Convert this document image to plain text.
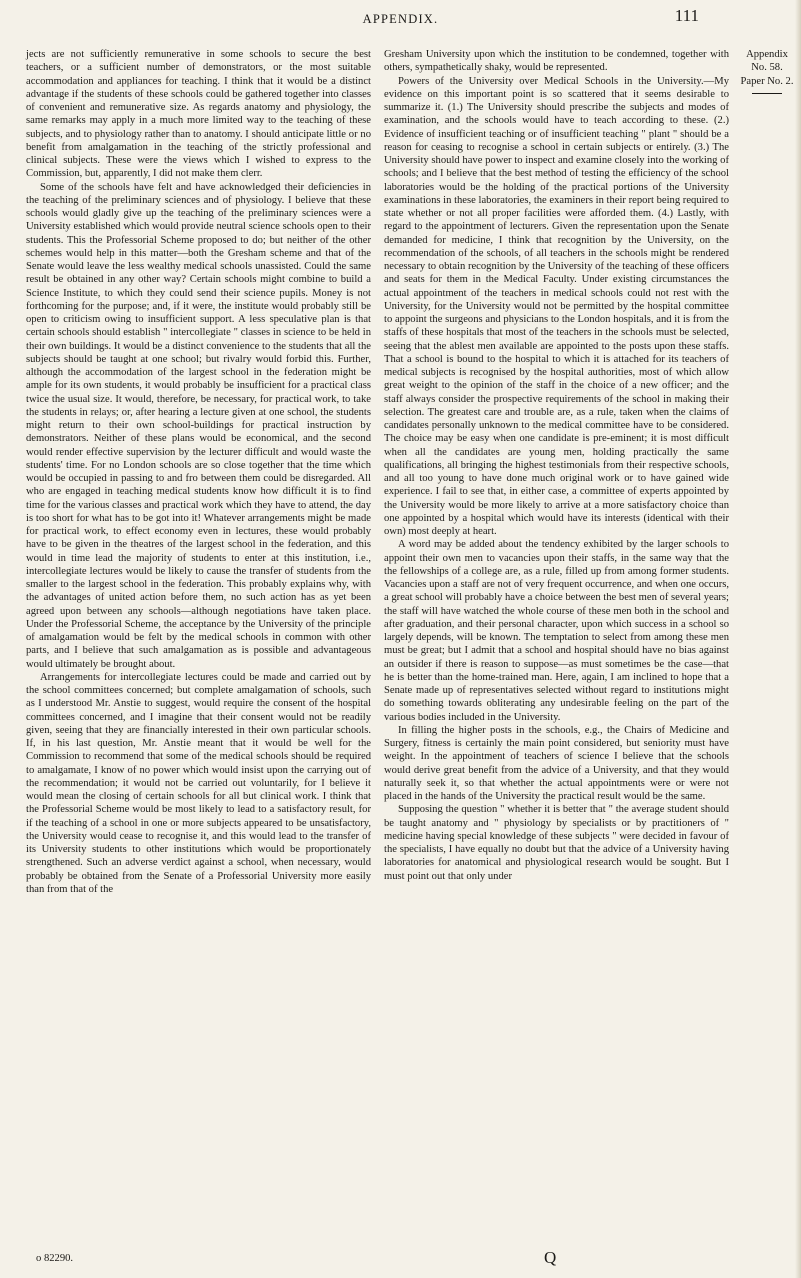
APPENDIX.	111

jects are not sufficiently remunerative in some schools to secure the best teachers, or a sufficient number of demonstrators, or the most suitable accommodation and appliances for teaching. I think that it would be a distinct advantage if the students of these schools could be gathered together into classes of convenient and remunerative size. As regards anatomy and physiology, the same remarks may apply in a much more limited way to the teaching of these subjects, and to physiology rather than to anatomy. I should anticipate little or no benefit from amalgamation in the teaching of the strictly professional and clinical subjects. These were the views which I wished to express to the Commission, but, apparently, I did not make them clerr.

Some of the schools have felt and have acknowledged their deficiencies in the teaching of the preliminary sciences and of physiology. I believe that these schools would gladly give up the teaching of the preliminary sciences were a University established which would provide neutral science schools open to their students. This the Professorial Scheme proposed to do; but neither of the other schemes would help in this matter—both the Gresham scheme and that of the Senate would leave the less wealthy medical schools unassisted. Could the same result be obtained in any other way? Certain schools might combine to build a Science Institute, to which they could send their science pupils. Money is not forthcoming for the purpose; and, if it were, the institute would probably still be open to criticism owing to insufficient support. A less speculative plan is that certain schools should establish " intercollegiate " classes in science to be held in their own buildings. It would be a distinct convenience to the students that all the subjects should be taught at one school; but rivalry would forbid this. Further, although the accommodation of the largest school in the federation might be ample for its own students, it would probably be insufficient for a practical class twice the usual size. It would, therefore, be necessary, for practical work, to take the students in relays; or, after hearing a lecture given at one school, the students might return to their own school-buildings for practical instruction by demonstrators. Neither of these plans would be economical, and the second would render effective supervision by the lecturer difficult and would waste the students' time. For no London schools are so close together that the time which would be occupied in passing to and fro between them could be disregarded. All who are engaged in teaching medical students know how difficult it is to find time for the various classes and practical work which they have to attend, the day is too short for what has to be got into it! Whatever arrangements might be made for practical work, to effect economy even in lectures, these would probably have to be given in the theatres of the largest school in the federation, and this would in time lead the majority of students to enter at this institution, i.e., intercollegiate lectures would be likely to cause the transfer of students from the smaller to the largest school in the federation. This probably explains why, with the advantages of united action before them, no such action has as yet been agreed upon between any schools—although negotiations have taken place. Under the Professorial Scheme, the acceptance by the University of the principle of amalgamation would be felt by the medical schools in common with other parts, and I believe that such amalgamation as is possible and advantageous would ultimately be brought about.

Arrangements for intercollegiate lectures could be made and carried out by the school committees concerned; but complete amalgamation of schools, such as I understood Mr. Anstie to suggest, would require the consent of the hospital committees concerned, and I imagine that their consent would not be readily given, seeing that they are financially interested in their own particular schools. If, in his last question, Mr. Anstie meant that it would be well for the Commission to recommend that some of the medical schools should be required to amalgamate, I know of no power which would insist upon the carrying out of the recommendation; it would not be carried out voluntarily, for I believe it would mean the closing of certain schools for all but clinical work. I think that the Professorial Scheme would be most likely to lead to a satisfactory result, for if the teaching of a school in one or more subjects appeared to be unsatisfactory, the University would cease to recognise it, and this would lead to the transfer of its University students to other institutions which would be proportionately strengthened. Such an adverse verdict against a school, when necessary, would probably be obtained from the Senate of a Professorial University more easily than from that of the

Gresham University upon which the institution to be condemned, together with others, sympathetically shaky, would be represented.

Powers of the University over Medical Schools in the University.—My evidence on this important point is so scattered that it seems desirable to summarize it. (1.) The University should prescribe the subjects and modes of examination, and the schools would have to teach according to these. (2.) Evidence of insufficient teaching or of insufficient teaching " plant " should be a reason for ceasing to recognise a school in certain subjects or entirely. (3.) The University should have power to inspect and examine closely into the working of schools; and I believe that the best method of testing the efficiency of the school laboratories would be the holding of the practical portions of the University examinations in these laboratories, the examiners in their report being required to state whether or not all proper facilities were afforded them. (4.) Lastly, with regard to the appointment of lecturers. Given the representation upon the Senate demanded for medicine, I think that recognition by the University, on the recommendation of the schools, of all teachers in the schools might be rendered necessary to obtain recognition by the University of the teaching of these officers and seats for them in the Medical Faculty. Under existing circumstances the actual appointment of the teachers in medical schools could not rest with the University, for the University would not be permitted by the hospital committee to appoint the surgeons and physicians to the London hospitals, and it is from the staffs of these hospitals that most of the teachers in the schools must be selected, seeing that the ablest men available are appointed to the posts upon these staffs. That a school is bound to the hospital to which it is attached for its teachers of medical subjects is recognised by the hospital authorities, most of which allow great weight to the opinion of the staff in the choice of a new officer; and the staff always consider the prospective requirements of the school in making their selection. The greatest care and trouble are, as a rule, taken when the claims of candidates personally unknown to the medical committee have to be considered. The choice may be easy when one candidate is pre-eminent; it is most difficult when all the candidates are young men, holding practically the same qualifications, all bringing the highest testimonials from their respective schools, and all too young to have done much original work or to have gained wide experience. I fail to see that, in either case, a committee of experts appointed by the University would be more likely to arrive at a more satisfactory choice than one appointed by a hospital which would have its interests (identical with their own) most deeply at heart.

A word may be added about the tendency exhibited by the larger schools to appoint their own men to vacancies upon their staffs, in the same way that the the fellowships of a college are, as a rule, filled up from among former students. Vacancies upon a staff are not of very frequent occurrence, and when one occurs, a great school will probably have a choice between the best men of several years; the staff will have watched the whole course of these men both in the school and after graduation, and their personal character, upon which success in a school so largely depends, will be known. The temptation to select from among these men must be great; but I admit that a school and hospital should have no bias against an outsider if there is reason to suppose—as must sometimes be the case—that he is better than the home-trained man. Here, again, I am inclined to hope that a Senate made up of representatives selected without regard to institutions might do something towards obliterating any undesirable feeling on the part of the various bodies included in the University.

In filling the higher posts in the schools, e.g., the Chairs of Medicine and Surgery, fitness is certainly the main point considered, but seniority must have weight. In the appointment of teachers of science I believe that the schools would derive great benefit from the advice of a University, and that they would naturally seek it, so that whether the actual appointments were or were not placed in the hands of the University the practical result would be the same.

Supposing the question " whether it is better that " the average student should be taught anatomy and " physiology by specialists or by practitioners of " medicine having special knowledge of these subjects " were decided in favour of the specialists, I have equally no doubt but that the advice of a University having laboratories for anatomical and physiological research would be sought. But I must point out that only under

Appendix
No. 58.
Paper No. 2.
o 82290.	Q
